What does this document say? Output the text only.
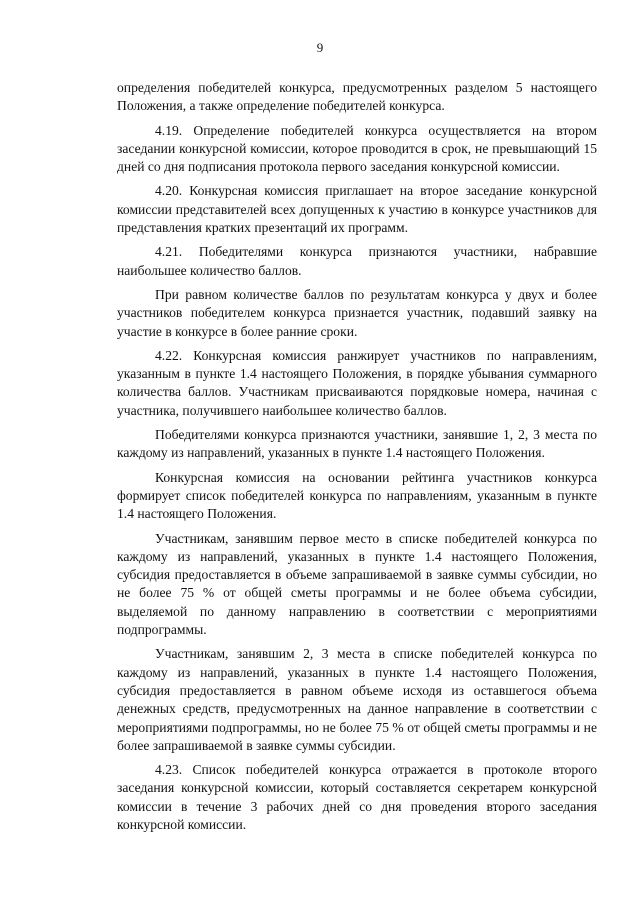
9

определения победителей конкурса, предусмотренных разделом 5 настоящего Положения, а также определение победителей конкурса.

4.19. Определение победителей конкурса осуществляется на втором заседании конкурсной комиссии, которое проводится в срок, не превышающий 15 дней со дня подписания протокола первого заседания конкурсной комиссии.

4.20. Конкурсная комиссия приглашает на второе заседание конкурсной комиссии представителей всех допущенных к участию в конкурсе участников для представления кратких презентаций их программ.

4.21. Победителями конкурса признаются участники, набравшие наибольшее количество баллов.

При равном количестве баллов по результатам конкурса у двух и более участников победителем конкурса признается участник, подавший заявку на участие в конкурсе в более ранние сроки.

4.22. Конкурсная комиссия ранжирует участников по направлениям, указанным в пункте 1.4 настоящего Положения, в порядке убывания суммарного количества баллов. Участникам присваиваются порядковые номера, начиная с участника, получившего наибольшее количество баллов.

Победителями конкурса признаются участники, занявшие 1, 2, 3 места по каждому из направлений, указанных в пункте 1.4 настоящего Положения.

Конкурсная комиссия на основании рейтинга участников конкурса формирует список победителей конкурса по направлениям, указанным в пункте 1.4 настоящего Положения.

Участникам, занявшим первое место в списке победителей конкурса по каждому из направлений, указанных в пункте 1.4 настоящего Положения, субсидия предоставляется в объеме запрашиваемой в заявке суммы субсидии, но не более 75 % от общей сметы программы и не более объема субсидии, выделяемой по данному направлению в соответствии с мероприятиями подпрограммы.

Участникам, занявшим 2, 3 места в списке победителей конкурса по каждому из направлений, указанных в пункте 1.4 настоящего Положения, субсидия предоставляется в равном объеме исходя из оставшегося объема денежных средств, предусмотренных на данное направление в соответствии с мероприятиями подпрограммы, но не более 75 % от общей сметы программы и не более запрашиваемой в заявке суммы субсидии.

4.23. Список победителей конкурса отражается в протоколе второго заседания конкурсной комиссии, который составляется секретарем конкурсной комиссии в течение 3 рабочих дней со дня проведения второго заседания конкурсной комиссии.
